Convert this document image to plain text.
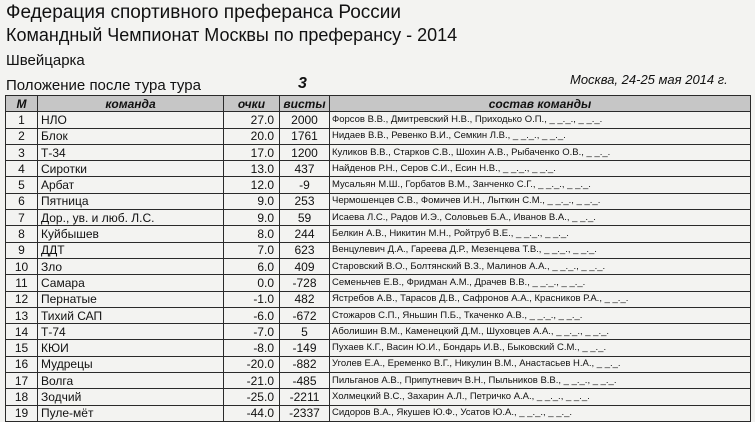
Федерация спортивного преферанса России
Командный Чемпионат Москвы по преферансу - 2014
Швейцарка
Положение после тура тура	3	Москва, 24-25 мая 2014 г.
М	команда	очки	висты	состав команды
1	НЛО	27.0	2000	Форсов В.В., Дмитревский Н.В., Приходько О.П., _ _._., _ _._.
2	Блок	20.0	1761	Нидаев В.В., Ревенко В.И., Семкин Л.В., _ _._., _ _._.
3	Т-34	17.0	1200	Куликов В.В., Старков С.В., Шохин А.В., Рыбаченко О.В., _ _._.
4	Сиротки	13.0	437	Найденов Р.Н., Серов С.И., Есин Н.В., _ _._., _ _._.
5	Арбат	12.0	-9	Мусальян М.Ш., Горбатов В.М., Занченко С.Г., _ _._., _ _._.
6	Пятница	9.0	253	Чермошенцев С.В., Фомичев И.Н., Лыткин С.М., _ _._., _ _._.
7	Дор., ув. и люб. Л.С.	9.0	59	Исаева Л.С., Радов И.Э., Соловьев Б.А., Иванов В.А., _ _._.
8	Куйбышев	8.0	244	Белкин А.В., Никитин М.Н., Ройтруб В.Е., _ _._., _ _._.
9	ДДТ	7.0	623	Венцулевич Д.А., Гареева Д.Р., Мезенцева Т.В., _ _._., _ _._.
10	Зло	6.0	409	Старовский В.О., Болтянский В.З., Малинов А.А., _ _._., _ _._.
11	Самара	0.0	-728	Семеньчев Е.В., Фридман А.М., Драчев В.В., _ _._., _ _._.
12	Пернатые	-1.0	482	Ястребов А.В., Тарасов Д.В., Сафронов А.А., Красников Р.А., _ _._.
13	Тихий САП	-6.0	-672	Стожаров С.П., Яньшин П.Б., Ткаченко А.В., _ _._., _ _._.
14	Т-74	-7.0	5	Аболишин В.М., Каменецкий Д.М., Шуховцев А.А., _ _._., _ _._.
15	КЮИ	-8.0	-149	Пухаев К.Г., Васин Ю.И., Бондарь И.В., Быковский С.М., _ _._.
16	Мудрецы	-20.0	-882	Уголев Е.А., Еременко В.Г., Никулин В.М., Анастасьев Н.А., _ _._.
17	Волга	-21.0	-485	Пильганов А.В., Припутневич В.Н., Пыльников В.В., _ _._., _ _._.
18	Зодчий	-25.0	-2211	Холмецкий В.С., Захарин А.Л., Петричко А.А., _ _._., _ _._.
19	Пуле-мёт	-44.0	-2337	Сидоров В.А., Якушев Ю.Ф., Усатов Ю.А., _ _._., _ _._.
